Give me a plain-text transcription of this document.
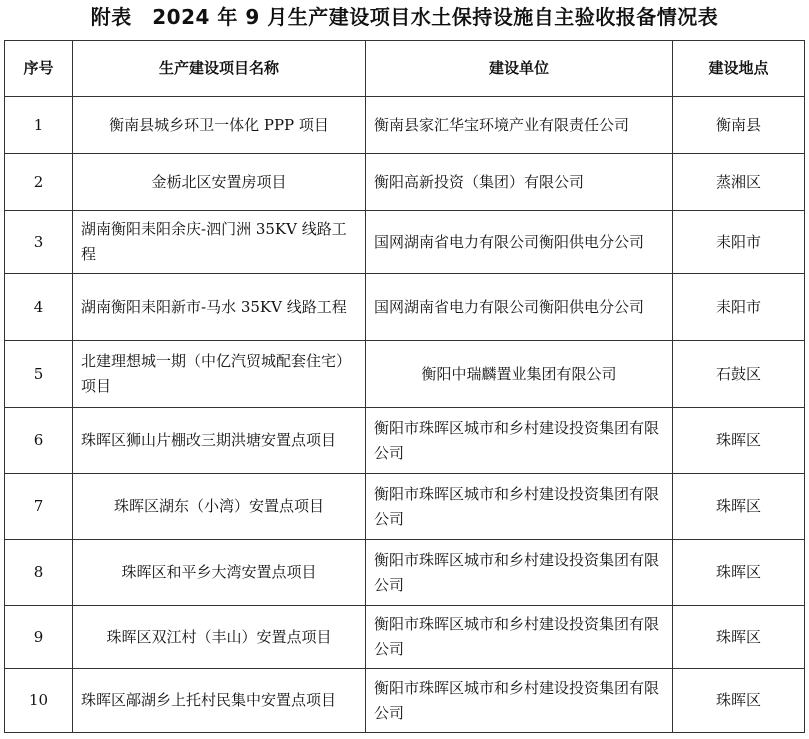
附表　2024 年 9 月生产建设项目水土保持设施自主验收报备情况表
序号	生产建设项目名称	建设单位	建设地点
1	衡南县城乡环卫一体化 PPP 项目	衡南县家汇华宝环境产业有限责任公司	衡南县
2	金栃北区安置房项目	衡阳高新投资（集团）有限公司	蒸湘区
3	湖南衡阳耒阳余庆-泗门洲 35KV 线路工程	国网湖南省电力有限公司衡阳供电分公司	耒阳市
4	湖南衡阳耒阳新市-马水 35KV 线路工程	国网湖南省电力有限公司衡阳供电分公司	耒阳市
5	北建理想城一期（中亿汽贸城配套住宅）项目	衡阳中瑞麟置业集团有限公司	石鼓区
6	珠晖区狮山片棚改三期洪塘安置点项目	衡阳市珠晖区城市和乡村建设投资集团有限公司	珠晖区
7	珠晖区湖东（小湾）安置点项目	衡阳市珠晖区城市和乡村建设投资集团有限公司	珠晖区
8	珠晖区和平乡大湾安置点项目	衡阳市珠晖区城市和乡村建设投资集团有限公司	珠晖区
9	珠晖区双江村（丰山）安置点项目	衡阳市珠晖区城市和乡村建设投资集团有限公司	珠晖区
10	珠晖区鄗湖乡上托村民集中安置点项目	衡阳市珠晖区城市和乡村建设投资集团有限公司	珠晖区
